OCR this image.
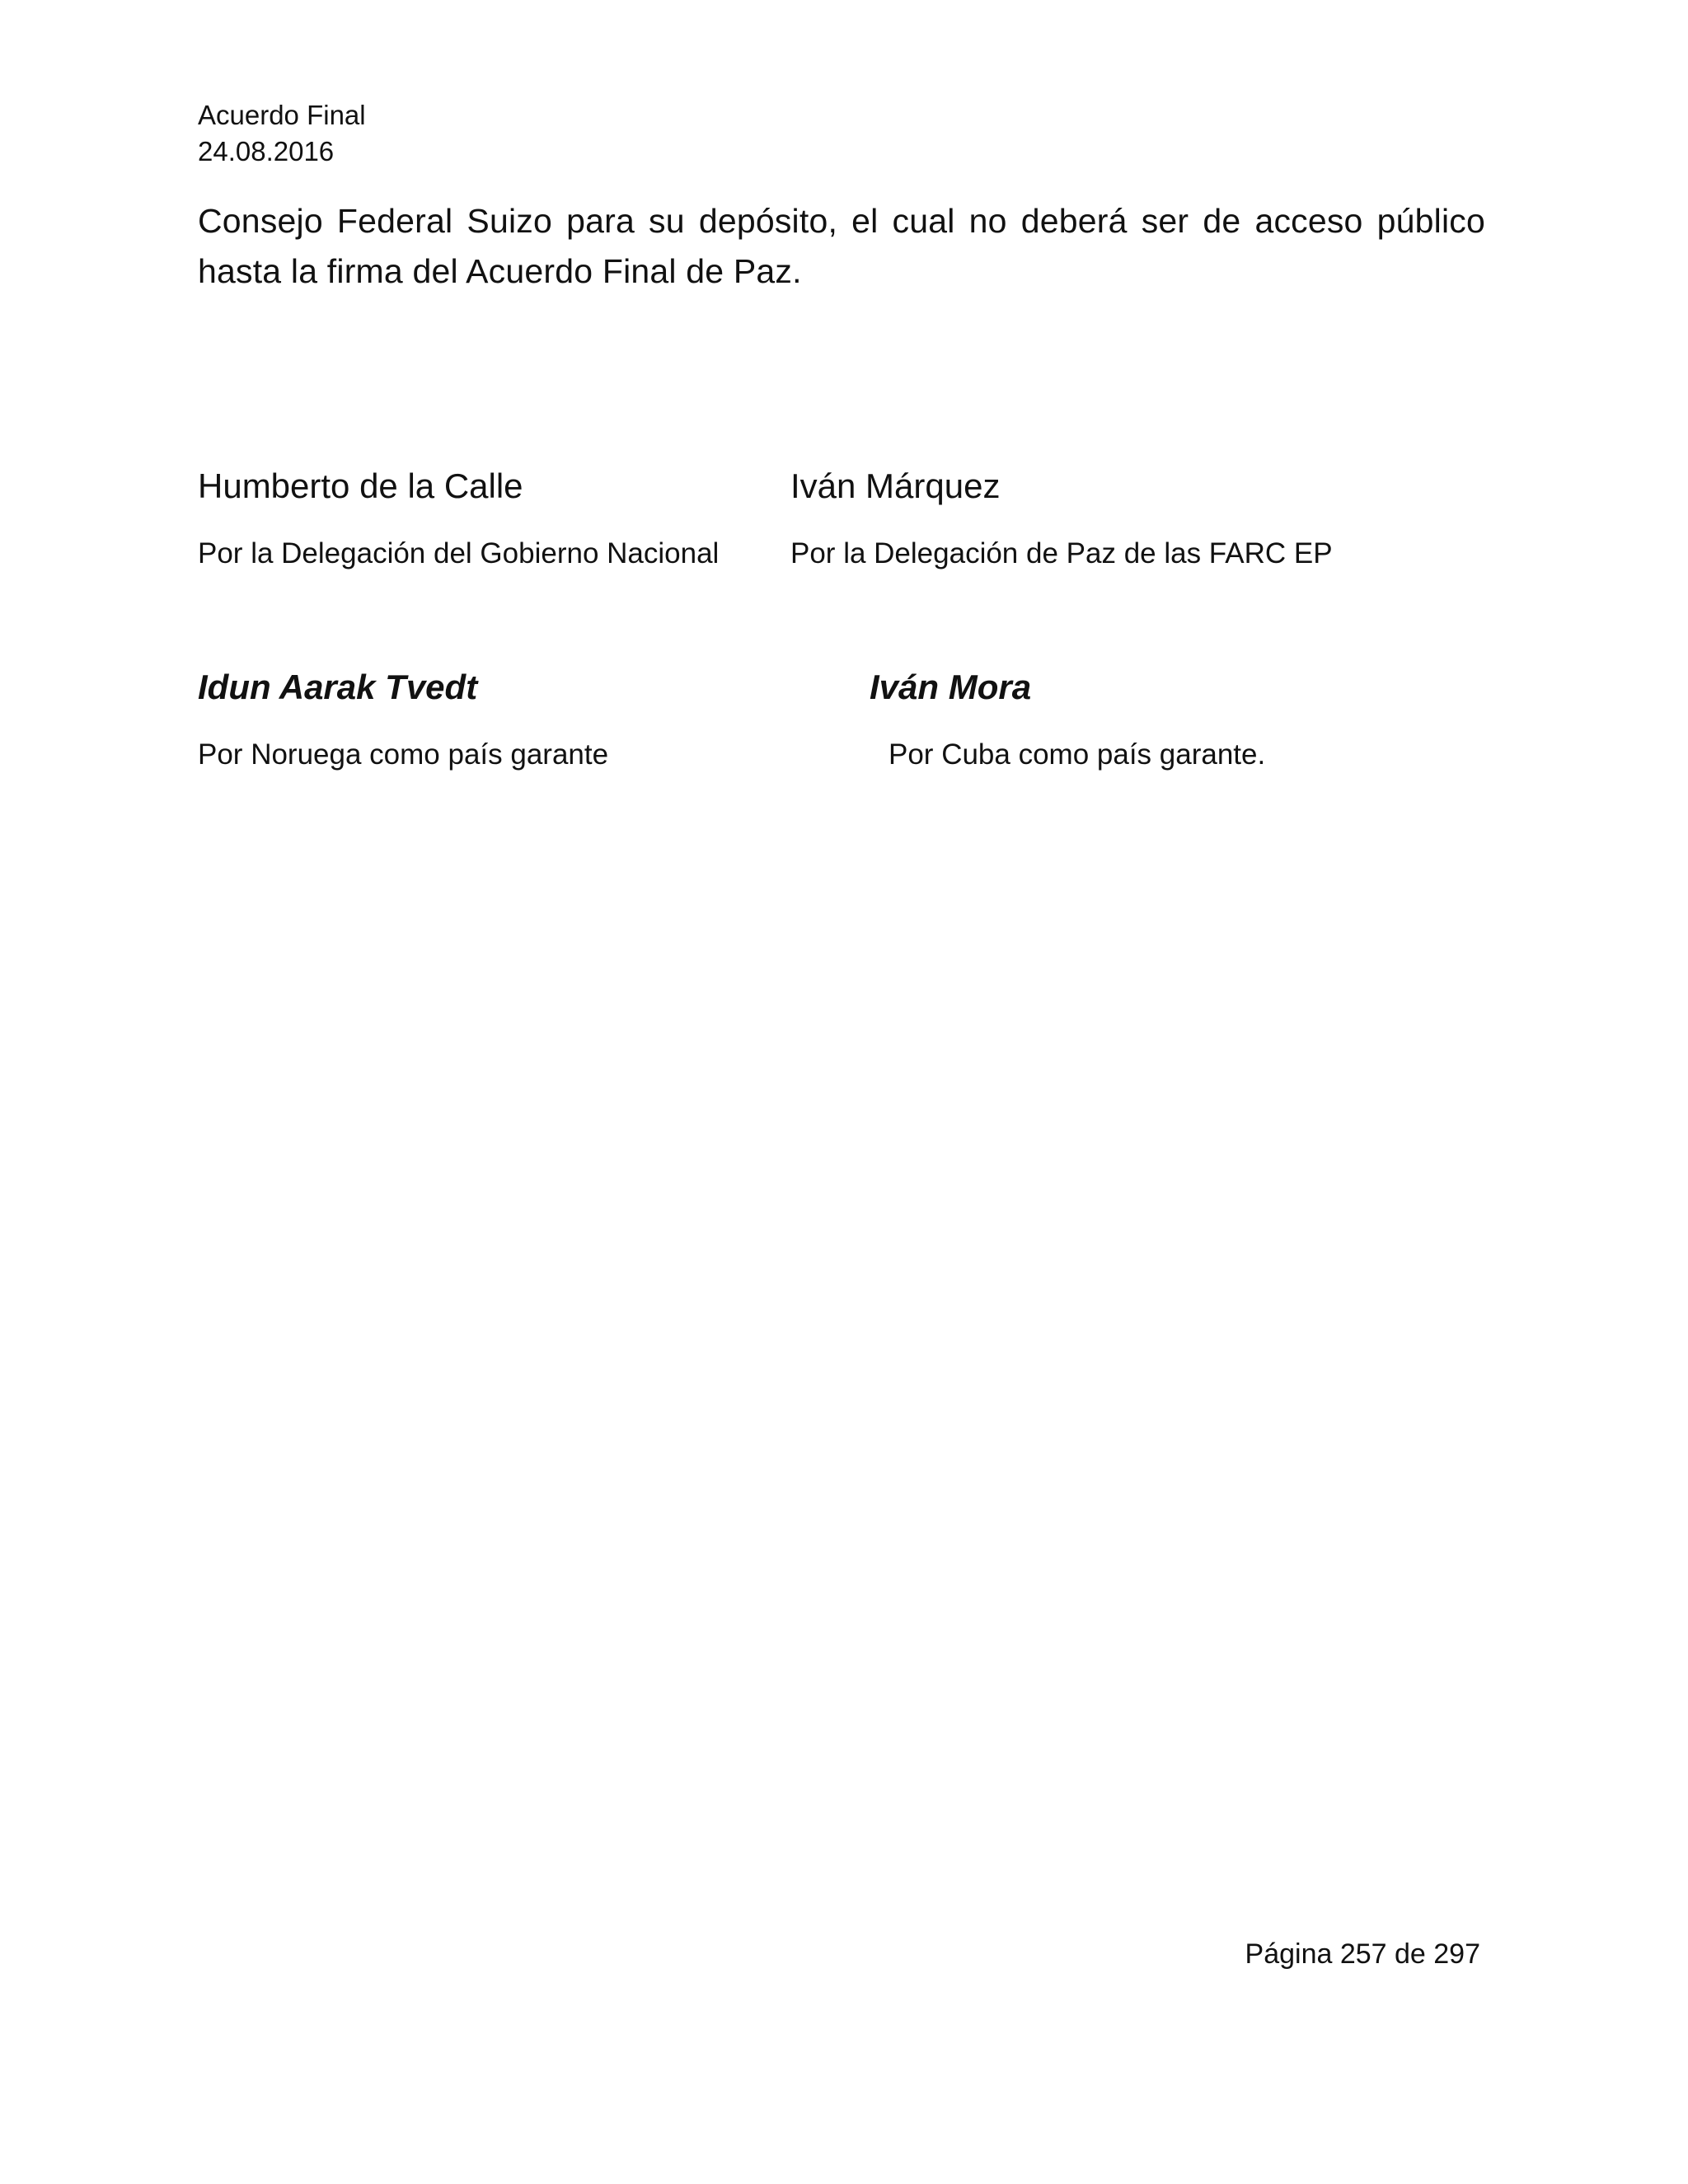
Acuerdo Final
24.08.2016
Consejo Federal Suizo para su depósito, el cual no deberá ser de acceso público hasta la firma del Acuerdo Final de Paz.
Humberto de la Calle
Por la Delegación del Gobierno Nacional
Iván Márquez
Por la Delegación de Paz de las FARC EP
Idun Aarak Tvedt
Por Noruega como país garante
Iván Mora
Por Cuba como país garante.
Página 257 de 297
